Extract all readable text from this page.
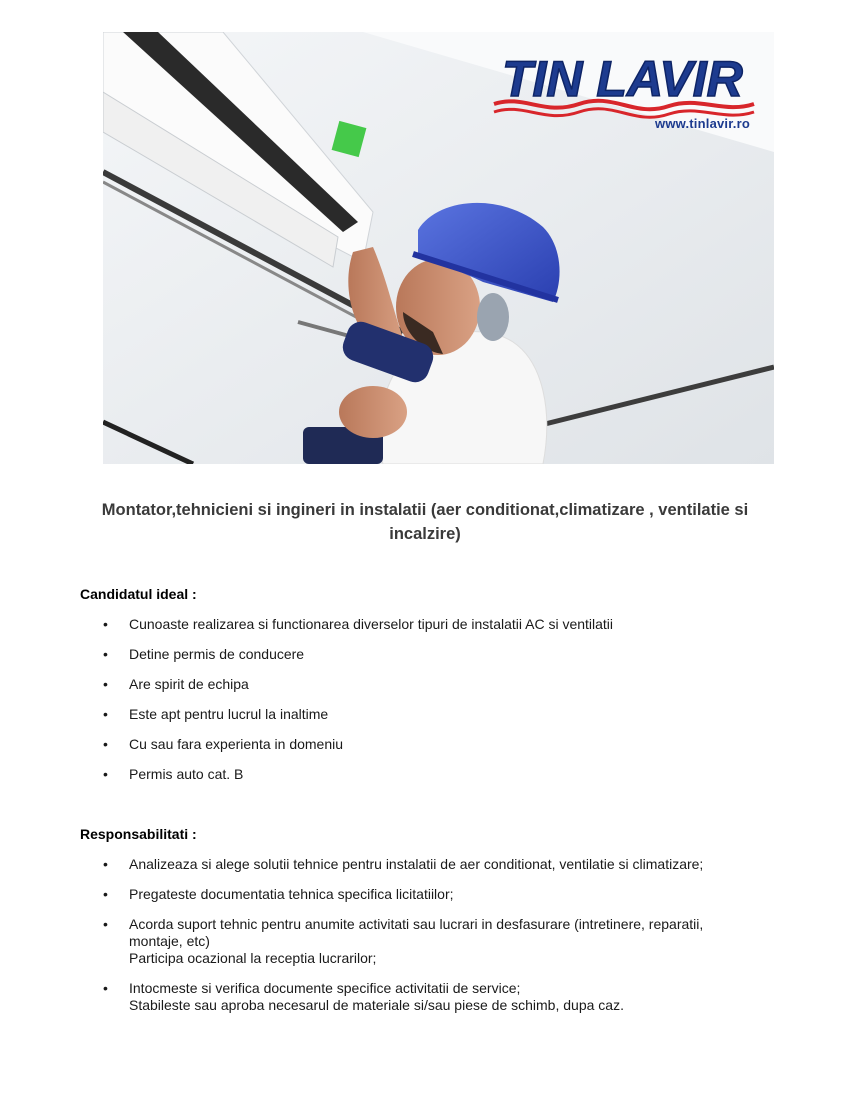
TIN LAVIR
www.tinlavir.ro
Montator,tehnicieni si ingineri in instalatii (aer conditionat,climatizare , ventilatie si incalzire)
Candidatul ideal :
• Cunoaste realizarea si functionarea diverselor tipuri de instalatii AC si ventilatii
• Detine permis de conducere
• Are spirit de echipa
• Este apt pentru lucrul la inaltime
• Cu sau fara experienta in domeniu
• Permis auto cat. B
Responsabilitati :
• Analizeaza si alege solutii tehnice pentru instalatii de aer conditionat, ventilatie si climatizare;
• Pregateste documentatia tehnica specifica licitatiilor;
• Acorda suport tehnic pentru anumite activitati sau lucrari in desfasurare (intretinere, reparatii, montaje, etc)
Participa ocazional la receptia lucrarilor;
• Intocmeste si verifica documente specifice activitatii de service;
Stabileste sau aproba necesarul de materiale si/sau piese de schimb, dupa caz.
